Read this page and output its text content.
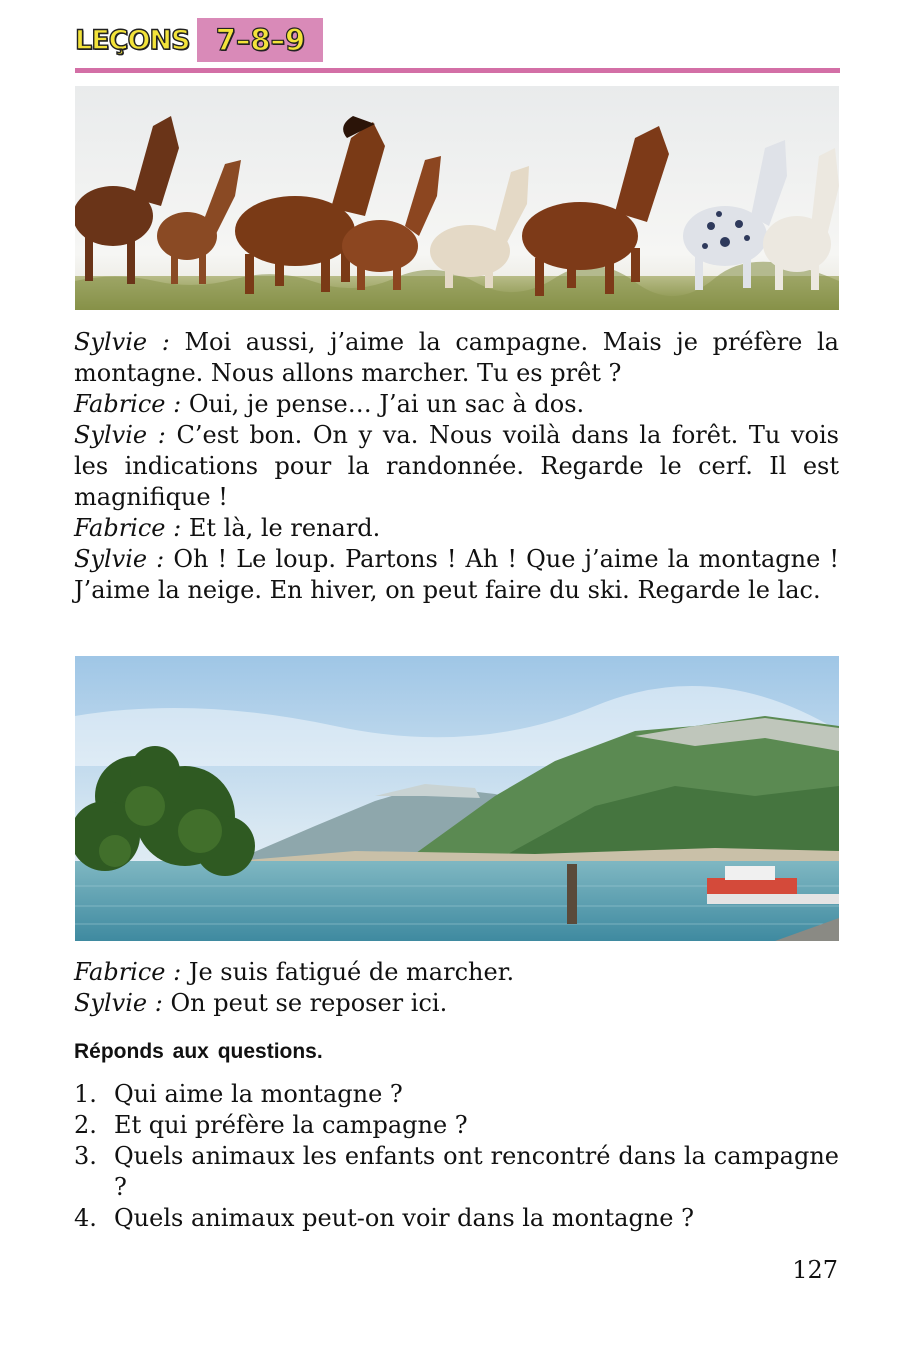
LEÇONS 7–8–9

Sylvie : Moi aussi, j’aime la campagne. Mais je préfère la montagne. Nous allons marcher. Tu es prêt ?

Fabrice : Oui, je pense… J’ai un sac à dos.

Sylvie : C’est bon. On y va. Nous voilà dans la forêt. Tu vois les indications pour la randonnée. Regarde le cerf. Il est magnifique !

Fabrice : Et là, le renard.

Sylvie : Oh ! Le loup. Partons ! Ah ! Que j’aime la montagne ! J’aime la neige. En hiver, on peut faire du ski. Regarde le lac.

Fabrice : Je suis fatigué de marcher.

Sylvie : On peut se reposer ici.

Réponds aux questions.
1. Qui aime la montagne ?
2. Et qui préfère la campagne ?
3. Quels animaux les enfants ont rencontré dans la campagne ?
4. Quels animaux peut-on voir dans la montagne ?
127
